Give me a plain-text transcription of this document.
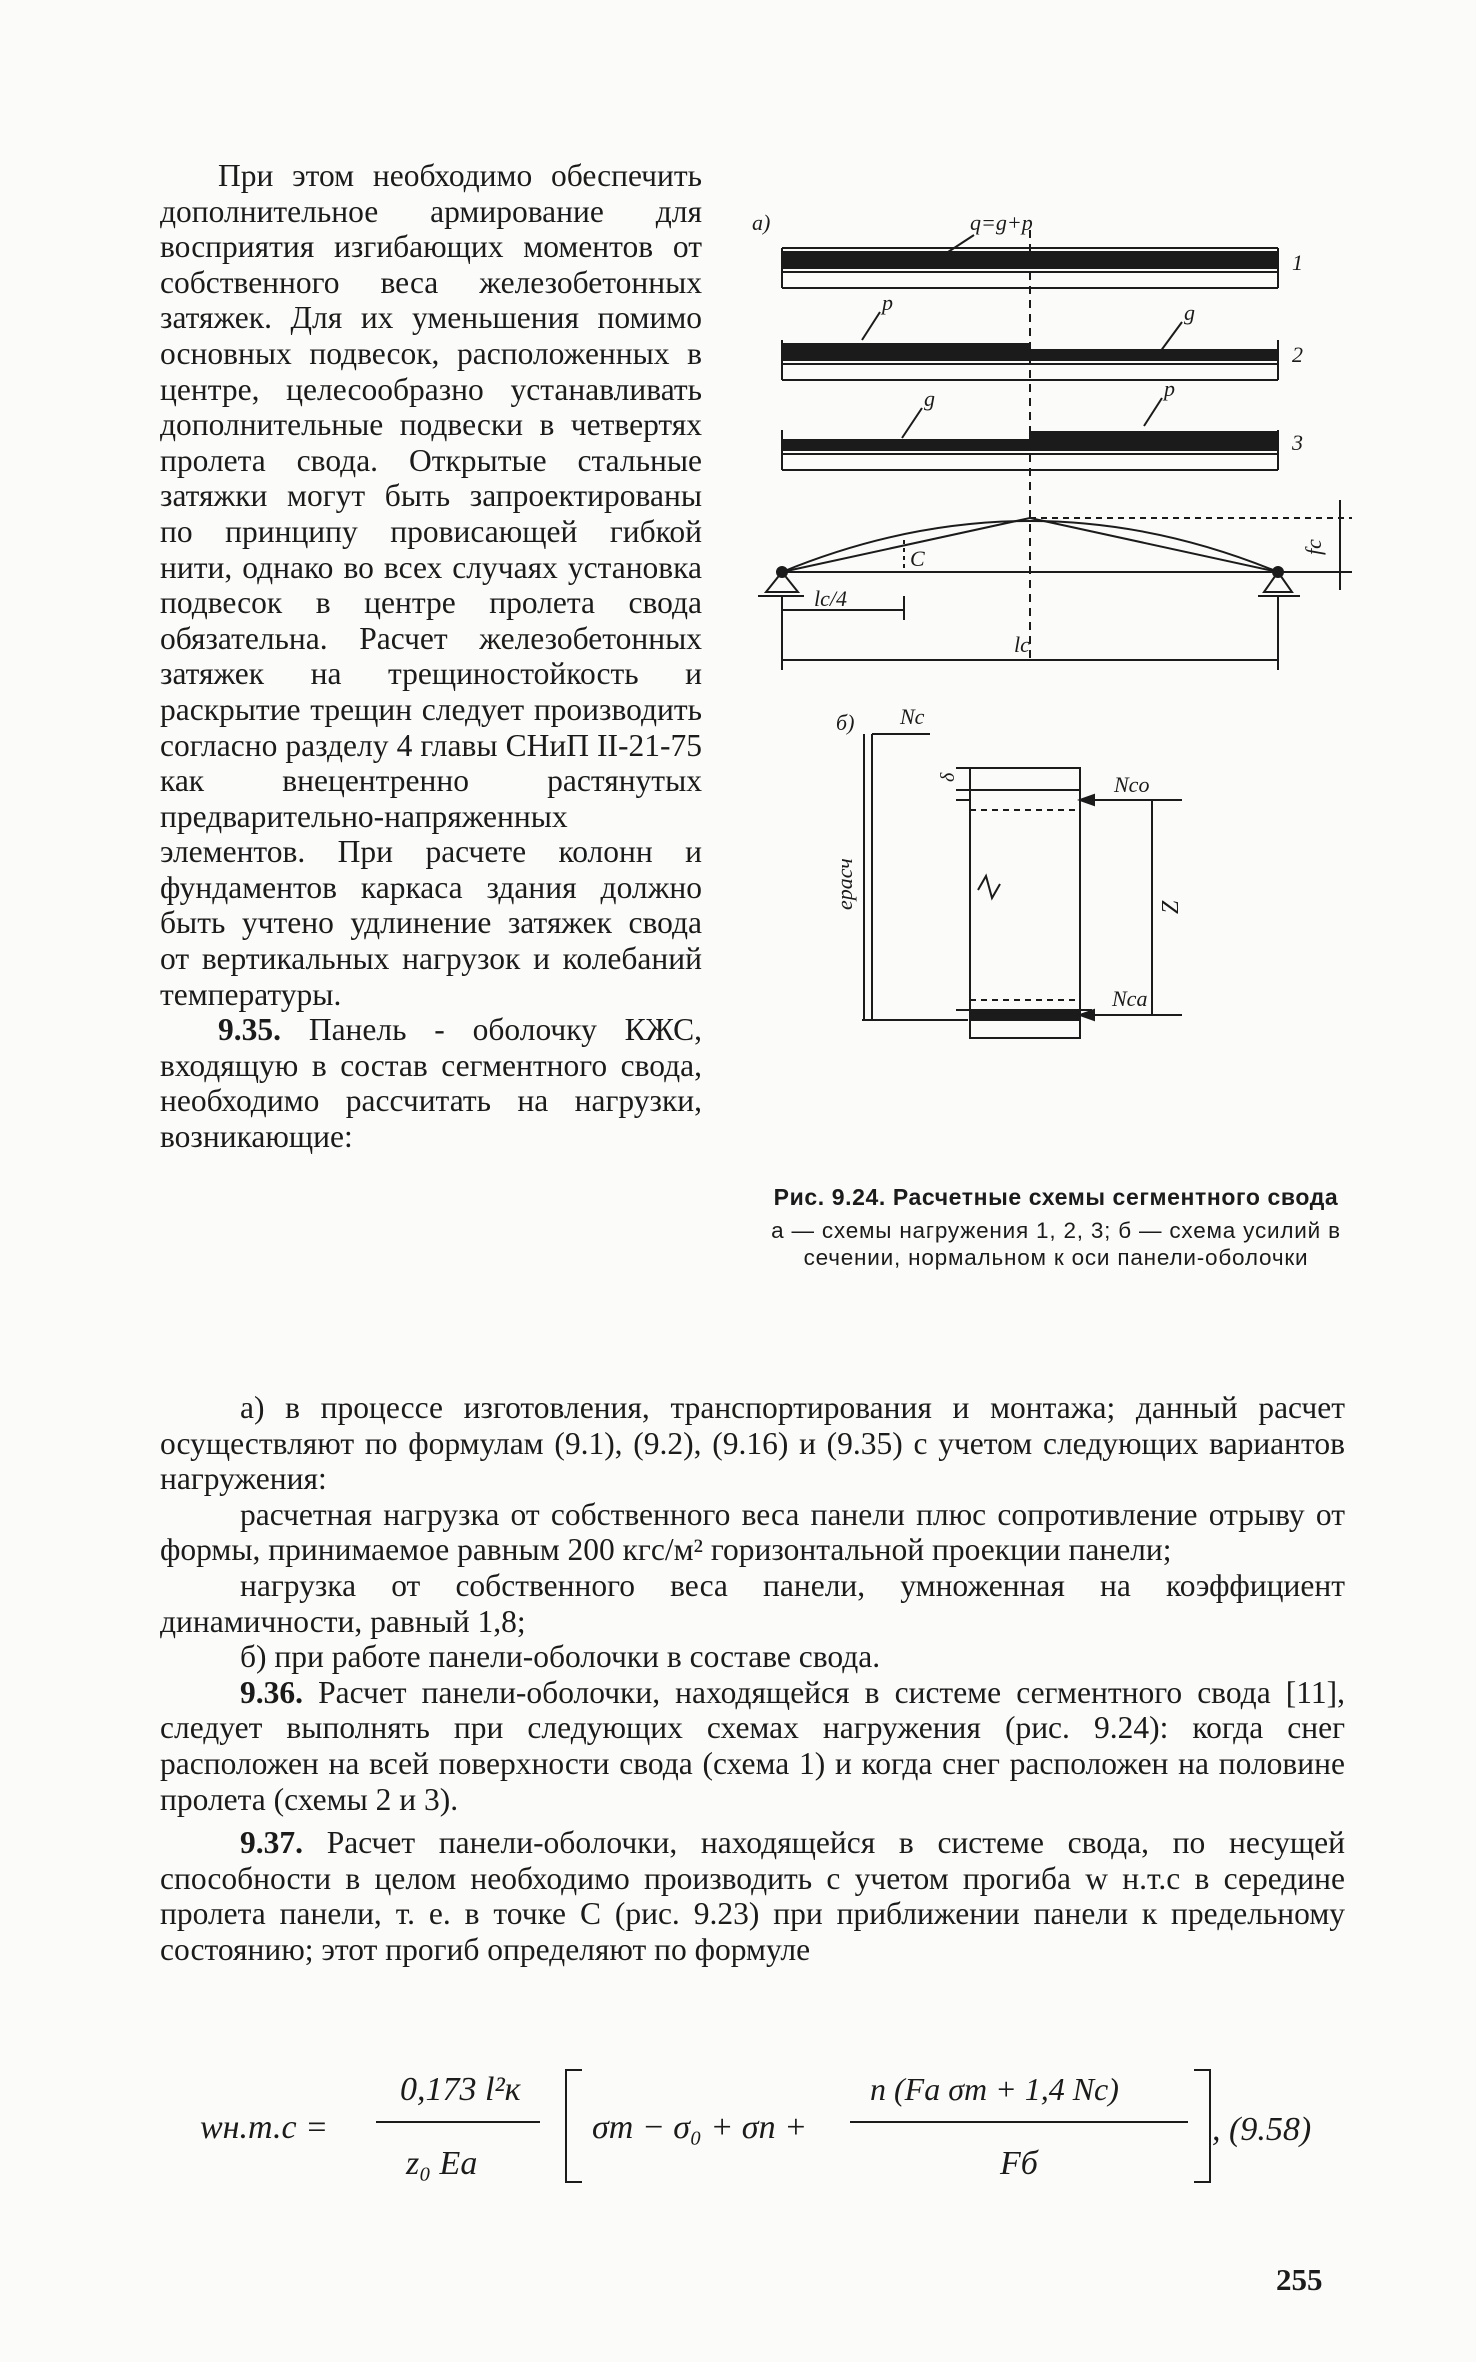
При этом необходимо обеспечить дополнительное армирование для восприятия изгибающих моментов от собственного веса железобетонных затяжек. Для их уменьшения помимо основных подвесок, расположенных в центре, целесообразно устанавливать дополнительные подвески в четвертях пролета свода. Открытые стальные затяжки могут быть запроектированы по принципу провисающей гибкой нити, однако во всех случаях установка подвесок в центре пролета свода обязательна. Расчет железобетонных затяжек на трещиностойкость и раскрытие трещин следует производить согласно разделу 4 главы СНиП II-21-75 как внецентренно растянутых предварительно-напряженных элементов. При расчете колонн и фундаментов каркаса здания должно быть учтено удлинение затяжек свода от вертикальных нагрузок и колебаний температуры.

9.35. Панель - оболочку КЖС, входящую в состав сегментного свода, необходимо рассчитать на нагрузки, возникающие:

а)	q=g+p
1
p	g
2
g	p
3
C	fc
lc/4
lc
б) Nc
Nco
Nca
Z
eрасч
δ
Рис. 9.24. Расчетные схемы сегментного свода
а — схемы нагружения 1, 2, 3; б — схема усилий в сечении, нормальном к оси панели-оболочки

а) в процессе изготовления, транспортирования и монтажа; данный расчет осуществляют по формулам (9.1), (9.2), (9.16) и (9.35) с учетом следующих вариантов нагружения:

расчетная нагрузка от собственного веса панели плюс сопротивление отрыву от формы, принимаемое равным 200 кгс/м² горизонтальной проекции панели;

нагрузка от собственного веса панели, умноженная на коэффициент динамичности, равный 1,8;

б) при работе панели-оболочки в составе свода.

9.36. Расчет панели-оболочки, находящейся в системе сегментного свода [11], следует выполнять при следующих схемах нагружения (рис. 9.24): когда снег расположен на всей поверхности свода (схема 1) и когда снег расположен на половине пролета (схемы 2 и 3).

9.37. Расчет панели-оболочки, находящейся в системе свода, по несущей способности в целом необходимо производить с учетом прогиба w н.т.с в середине пролета панели, т. е. в точке С (рис. 9.23) при приближении панели к предельному состоянию; этот прогиб определяют по формуле

wн.т.с =
0,173 l²к
z₀ Eа
σт − σ₀ + σп +
n (Fа σт + 1,4 Nс)
Fб
, (9.58)
255
